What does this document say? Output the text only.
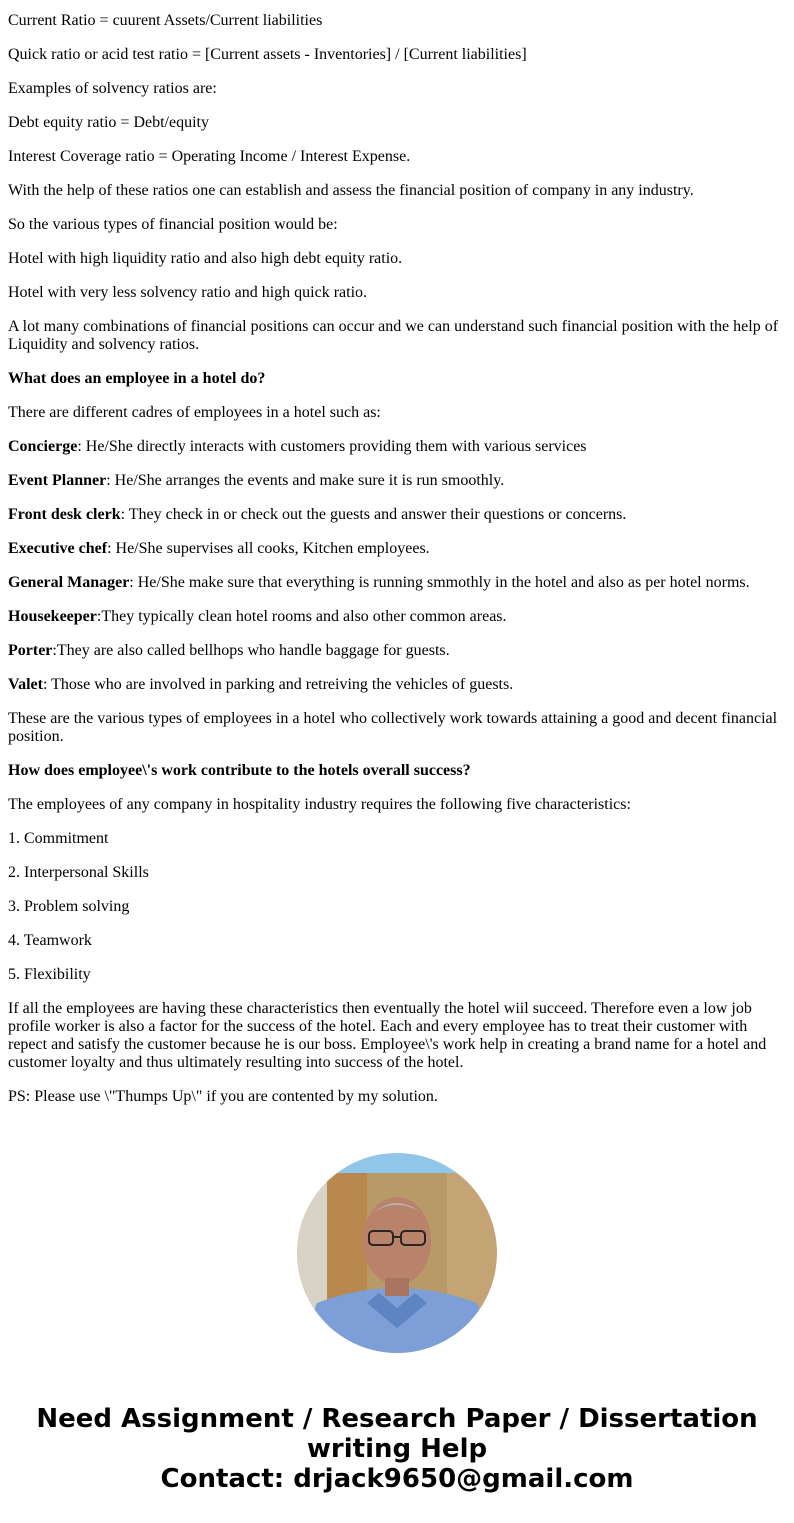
Current Ratio = cuurent Assets/Current liabilities

Quick ratio or acid test ratio = [Current assets - Inventories] / [Current liabilities]

Examples of solvency ratios are:

Debt equity ratio = Debt/equity

Interest Coverage ratio = Operating Income / Interest Expense.

With the help of these ratios one can establish and assess the financial position of company in any industry.

So the various types of financial position would be:

Hotel with high liquidity ratio and also high debt equity ratio.

Hotel with very less solvency ratio and high quick ratio.

A lot many combinations of financial positions can occur and we can understand such financial position with the help of Liquidity and solvency ratios.

What does an employee in a hotel do?

There are different cadres of employees in a hotel such as:

Concierge: He/She directly interacts with customers providing them with various services

Event Planner: He/She arranges the events and make sure it is run smoothly.

Front desk clerk: They check in or check out the guests and answer their questions or concerns.

Executive chef: He/She supervises all cooks, Kitchen employees.

General Manager: He/She make sure that everything is running smmothly in the hotel and also as per hotel norms.

Housekeeper:They typically clean hotel rooms and also other common areas.

Porter:They are also called bellhops who handle baggage for guests.

Valet: Those who are involved in parking and retreiving the vehicles of guests.

These are the various types of employees in a hotel who collectively work towards attaining a good and decent financial position.

How does employee\'s work contribute to the hotels overall success?

The employees of any company in hospitality industry requires the following five characteristics:

1. Commitment

2. Interpersonal Skills

3. Problem solving

4. Teamwork

5. Flexibility

If all the employees are having these characteristics then eventually the hotel wiil succeed. Therefore even a low job profile worker is also a factor for the success of the hotel. Each and every employee has to treat their customer with repect and satisfy the customer because he is our boss. Employee\'s work help in creating a brand name for a hotel and customer loyalty and thus ultimately resulting into success of the hotel.

PS: Please use \"Thumps Up\" if you are contented by my solution.

Need Assignment / Research Paper / Dissertation
writing Help
Contact: drjack9650@gmail.com
